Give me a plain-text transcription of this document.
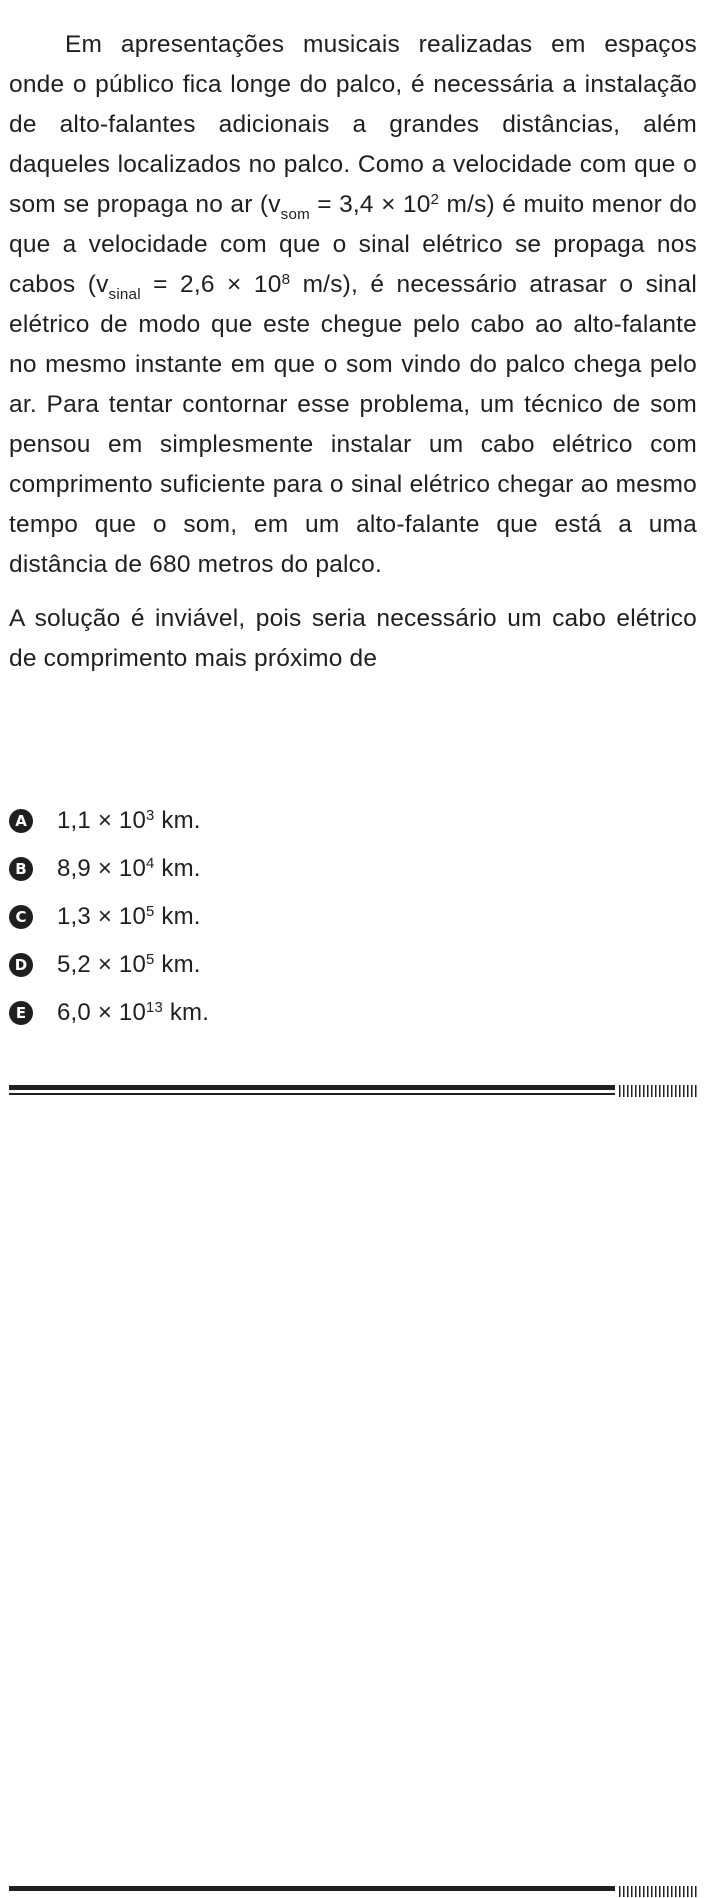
Em apresentações musicais realizadas em espaços onde o público fica longe do palco, é necessária a instalação de alto-falantes adicionais a grandes distâncias, além daqueles localizados no palco. Como a velocidade com que o som se propaga no ar ($v_{som} = 3,4 \times 10^2$ m/s) é muito menor do que a velocidade com que o sinal elétrico se propaga nos cabos ($v_{sinal} = 2,6 \times 10^8$ m/s), é necessário atrasar o sinal elétrico de modo que este chegue pelo cabo ao alto-falante no mesmo instante em que o som vindo do palco chega pelo ar. Para tentar contornar esse problema, um técnico de som pensou em simplesmente instalar um cabo elétrico com comprimento suficiente para o sinal elétrico chegar ao mesmo tempo que o som, em um alto-falante que está a uma distância de 680 metros do palco.

A solução é inviável, pois seria necessário um cabo elétrico de comprimento mais próximo de

A $1,1 \times 10^3$ km.
B $8,9 \times 10^4$ km.
C $1,3 \times 10^5$ km.
D $5,2 \times 10^5$ km.
E $6,0 \times 10^{13}$ km.
